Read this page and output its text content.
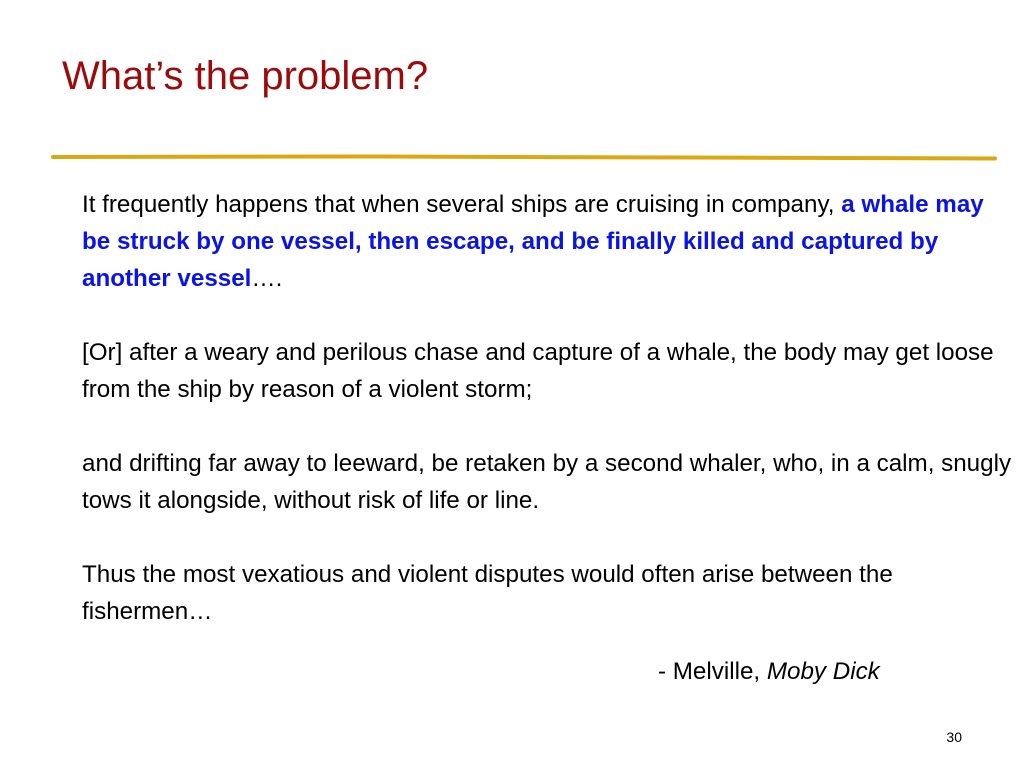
What’s the problem?

It frequently happens that when several ships are cruising in company, a whale may be struck by one vessel, then escape, and be finally killed and captured by another vessel….

[Or] after a weary and perilous chase and capture of a whale, the body may get loose from the ship by reason of a violent storm;

and drifting far away to leeward, be retaken by a second whaler, who, in a calm, snugly tows it alongside, without risk of life or line.

Thus the most vexatious and violent disputes would often arise between the fishermen…

- Melville, Moby Dick
30
